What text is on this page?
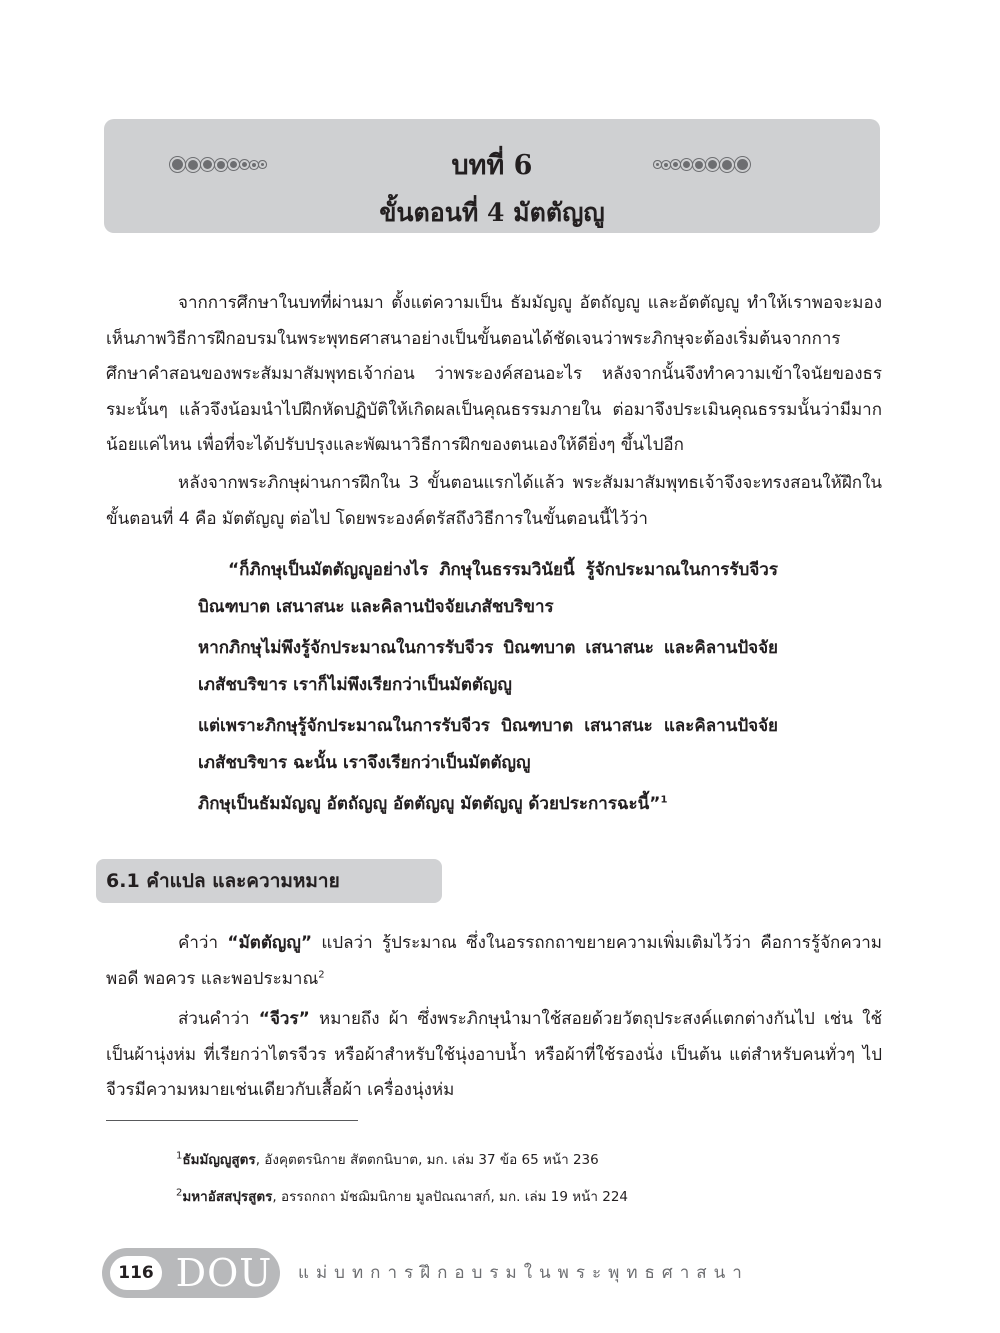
บทที่ 6
ขั้นตอนที่ 4 มัตตัญญู

จากการศึกษาในบทที่ผ่านมา ตั้งแต่ความเป็น ธัมมัญญู อัตถัญญู และอัตตัญญู ทำให้เราพอจะมองเห็นภาพวิธีการฝึกอบรมในพระพุทธศาสนาอย่างเป็นขั้นตอนได้ชัดเจนว่าพระภิกษุจะต้องเริ่มต้นจากการศึกษาคำสอนของพระสัมมาสัมพุทธเจ้าก่อน ว่าพระองค์สอนอะไร หลังจากนั้นจึงทำความเข้าใจนัยของธรรมะนั้นๆ แล้วจึงน้อมนำไปฝึกหัดปฏิบัติให้เกิดผลเป็นคุณธรรมภายใน ต่อมาจึงประเมินคุณธรรมนั้นว่ามีมากน้อยแค่ไหน เพื่อที่จะได้ปรับปรุงและพัฒนาวิธีการฝึกของตนเองให้ดียิ่งๆ ขึ้นไปอีก

หลังจากพระภิกษุผ่านการฝึกใน 3 ขั้นตอนแรกได้แล้ว พระสัมมาสัมพุทธเจ้าจึงจะทรงสอนให้ฝึกในขั้นตอนที่ 4 คือ มัตตัญญู ต่อไป โดยพระองค์ตรัสถึงวิธีการในขั้นตอนนี้ไว้ว่า

“ก็ภิกษุเป็นมัตตัญญูอย่างไร ภิกษุในธรรมวินัยนี้ รู้จักประมาณในการรับจีวร บิณฑบาต เสนาสนะ และคิลานปัจจัยเภสัชบริขาร

หากภิกษุไม่พึงรู้จักประมาณในการรับจีวร บิณฑบาต เสนาสนะ และคิลานปัจจัยเภสัชบริขาร เราก็ไม่พึงเรียกว่าเป็นมัตตัญญู

แต่เพราะภิกษุรู้จักประมาณในการรับจีวร บิณฑบาต เสนาสนะ และคิลานปัจจัยเภสัชบริขาร ฉะนั้น เราจึงเรียกว่าเป็นมัตตัญญู

ภิกษุเป็นธัมมัญญู อัตถัญญู อัตตัญญู มัตตัญญู ด้วยประการฉะนี้”$^1$

6.1 คำแปล และความหมาย

คำว่า “มัตตัญญู” แปลว่า รู้ประมาณ ซึ่งในอรรถกถาขยายความเพิ่มเติมไว้ว่า คือการรู้จักความพอดี พอควร และพอประมาณ$^2$

ส่วนคำว่า “จีวร” หมายถึง ผ้า ซึ่งพระภิกษุนำมาใช้สอยด้วยวัตถุประสงค์แตกต่างกันไป เช่น ใช้เป็นผ้านุ่งห่ม ที่เรียกว่าไตรจีวร หรือผ้าสำหรับใช้นุ่งอาบน้ำ หรือผ้าที่ใช้รองนั่ง เป็นต้น แต่สำหรับคนทั่วๆ ไป จีวรมีความหมายเช่นเดียวกับเสื้อผ้า เครื่องนุ่งห่ม

$^1$ธัมมัญญูสูตร, อังคุตตรนิกาย สัตตกนิบาต, มก. เล่ม 37 ข้อ 65 หน้า 236

$^2$มหาอัสสปุรสูตร, อรรถกถา มัชฌิมนิกาย มูลปัณณาสก์, มก. เล่ม 19 หน้า 224

116 DOU แม่บทการฝึกอบรมในพระพุทธศาสนา
